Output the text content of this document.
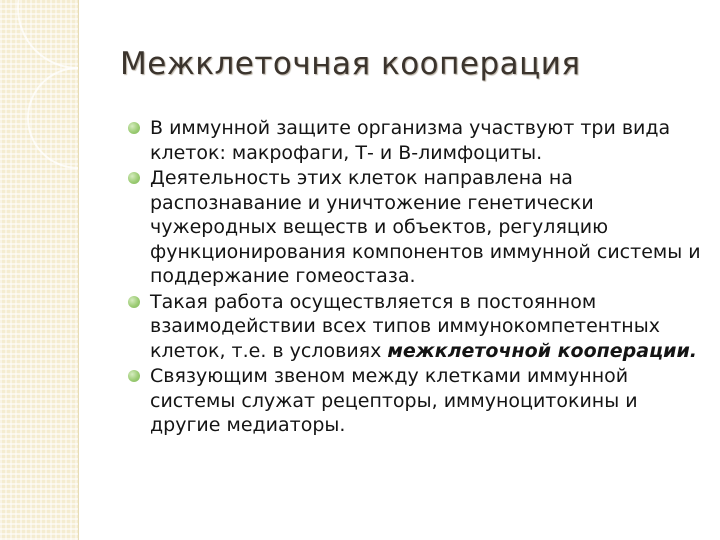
Межклеточная кооперация
В иммунной защите организма участвуют три вида клеток: макрофаги, Т- и В-лимфоциты.
Деятельность этих клеток направлена на распознавание и уничтожение генетически чужеродных веществ и объектов, регуляцию функционирования компонентов иммунной системы и поддержание гомеостаза.
Такая работа осуществляется в постоянном взаимодействии всех типов иммунокомпетентных клеток, т.е. в условиях межклеточной кооперации.
Связующим звеном между клетками иммунной системы служат рецепторы, иммуноцитокины и другие медиаторы.
